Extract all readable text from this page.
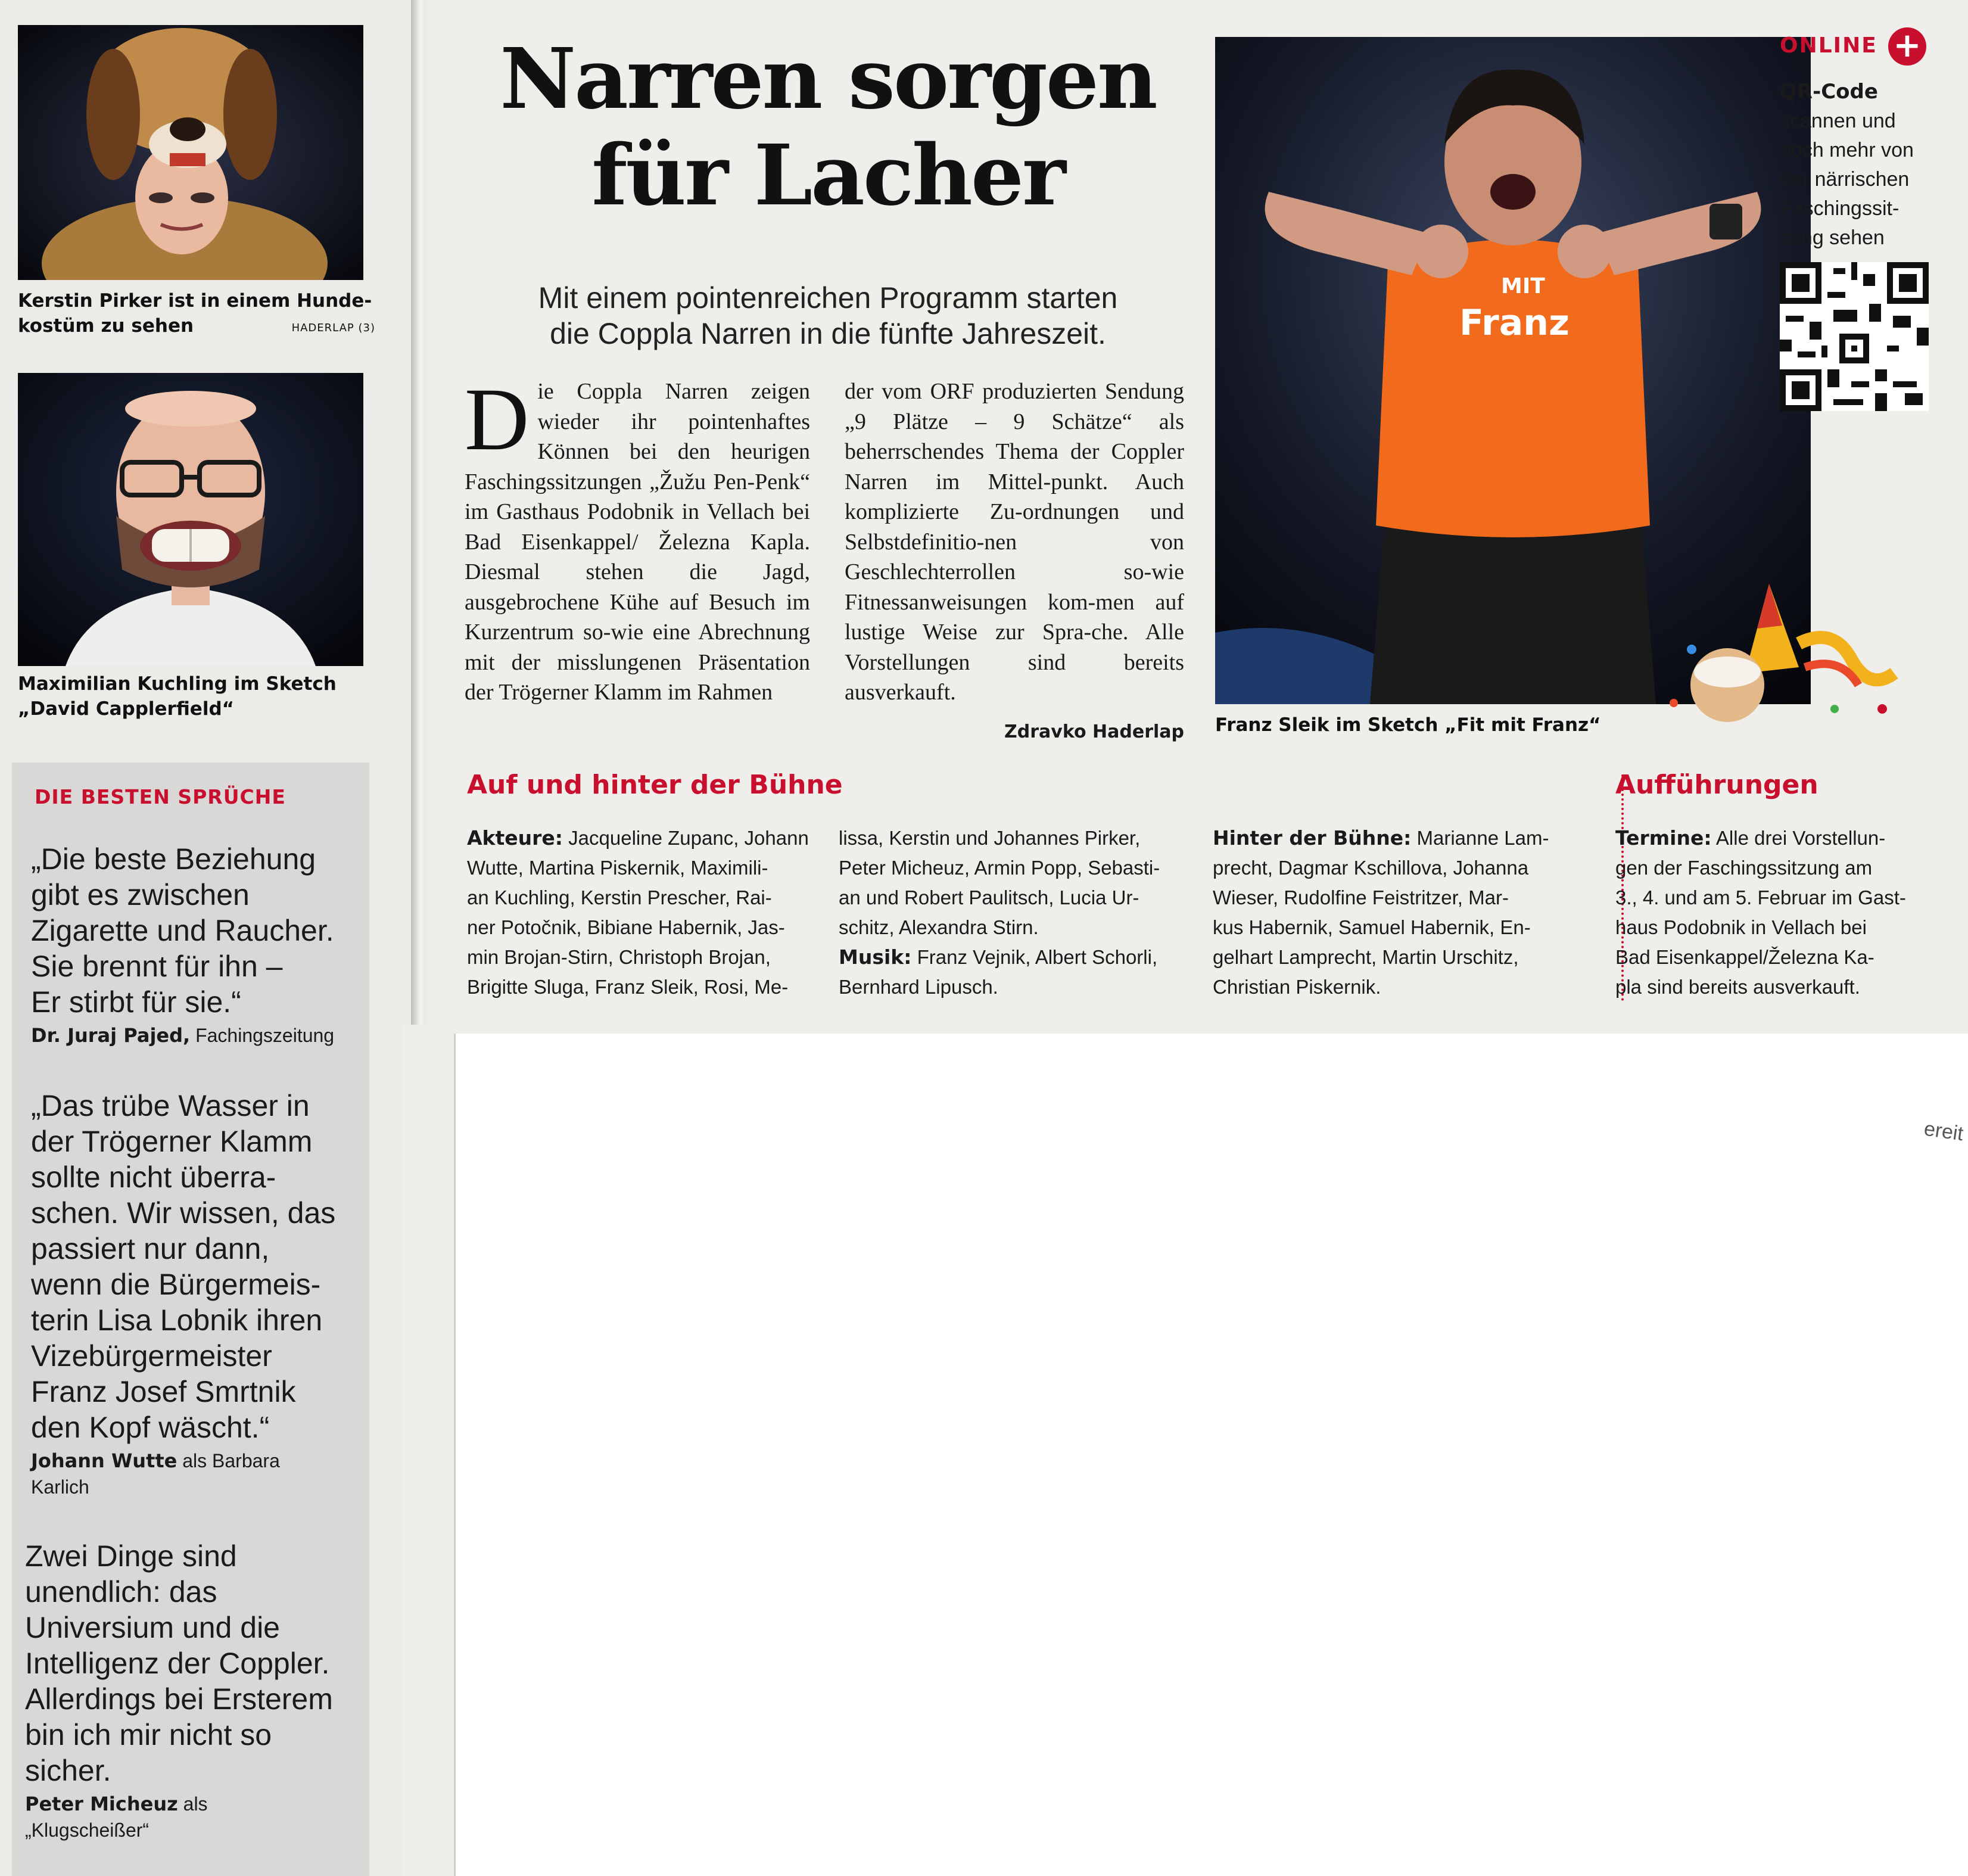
Kerstin Pirker ist in einem Hunde-
kostüm zu sehen	HADERLAP (3)
Maximilian Kuchling im Sketch
„David Capplerfield“
DIE BESTEN SPRÜCHE
„Die beste Beziehung
gibt es zwischen
Zigarette und Raucher.
Sie brennt für ihn –
Er stirbt für sie.“
Dr. Juraj Pajed, Fachingszeitung
„Das trübe Wasser in
der Trögerner Klamm
sollte nicht überra-
schen. Wir wissen, das
passiert nur dann,
wenn die Bürgermeis-
terin Lisa Lobnik ihren
Vizebürgermeister
Franz Josef Smrtnik
den Kopf wäscht.“
Johann Wutte als Barbara
Karlich
Zwei Dinge sind
unendlich: das
Universium und die
Intelligenz der Coppler.
Allerdings bei Ersterem
bin ich mir nicht so
sicher.
Peter Micheuz als
„Klugscheißer“
Narren sorgen
für Lacher
Mit einem pointenreichen Programm starten
die Coppla Narren in die fünfte Jahreszeit.
Die Coppla Narren zeigen wieder ihr pointenhaftes Können bei den heurigen Faschingssitzungen „Žužu Pen-Penk“ im Gasthaus Podobnik in Vellach bei Bad Eisenkappel/ Železna Kapla. Diesmal stehen die Jagd, ausgebrochene Kühe auf Besuch im Kurzentrum so-wie eine Abrechnung mit der misslungenen Präsentation der Trögerner Klamm im Rahmen
der vom ORF produzierten Sendung „9 Plätze – 9 Schätze“ als beherrschendes Thema der Coppler Narren im Mittel-punkt. Auch komplizierte Zu-ordnungen und Selbstdefinitio-nen von Geschlechterrollen so-wie Fitnessanweisungen kom-men auf lustige Weise zur Spra-che. Alle Vorstellungen sind bereits ausverkauft.
Zdravko Haderlap
MIT
Franz
Franz Sleik im Sketch „Fit mit Franz“
ONLINE +
QR-Code
scannen und
noch mehr von
der närrischen
Faschingssit-
zung sehen
Auf und hinter der Bühne
Akteure: Jacqueline Zupanc, Johann
Wutte, Martina Piskernik, Maximili-
an Kuchling, Kerstin Prescher, Rai-
ner Potočnik, Bibiane Habernik, Jas-
min Brojan-Stirn, Christoph Brojan,
Brigitte Sluga, Franz Sleik, Rosi, Me-
lissa, Kerstin und Johannes Pirker,
Peter Micheuz, Armin Popp, Sebasti-
an und Robert Paulitsch, Lucia Ur-
schitz, Alexandra Stirn.
Musik: Franz Vejnik, Albert Schorli,
Bernhard Lipusch.
Hinter der Bühne: Marianne Lam-
precht, Dagmar Kschillova, Johanna
Wieser, Rudolfine Feistritzer, Mar-
kus Habernik, Samuel Habernik, En-
gelhart Lamprecht, Martin Urschitz,
Christian Piskernik.
Aufführungen
Termine: Alle drei Vorstellun-
gen der Faschingssitzung am
3., 4. und am 5. Februar im Gast-
haus Podobnik in Vellach bei
Bad Eisenkappel/Železna Ka-
pla sind bereits ausverkauft.
ereit
